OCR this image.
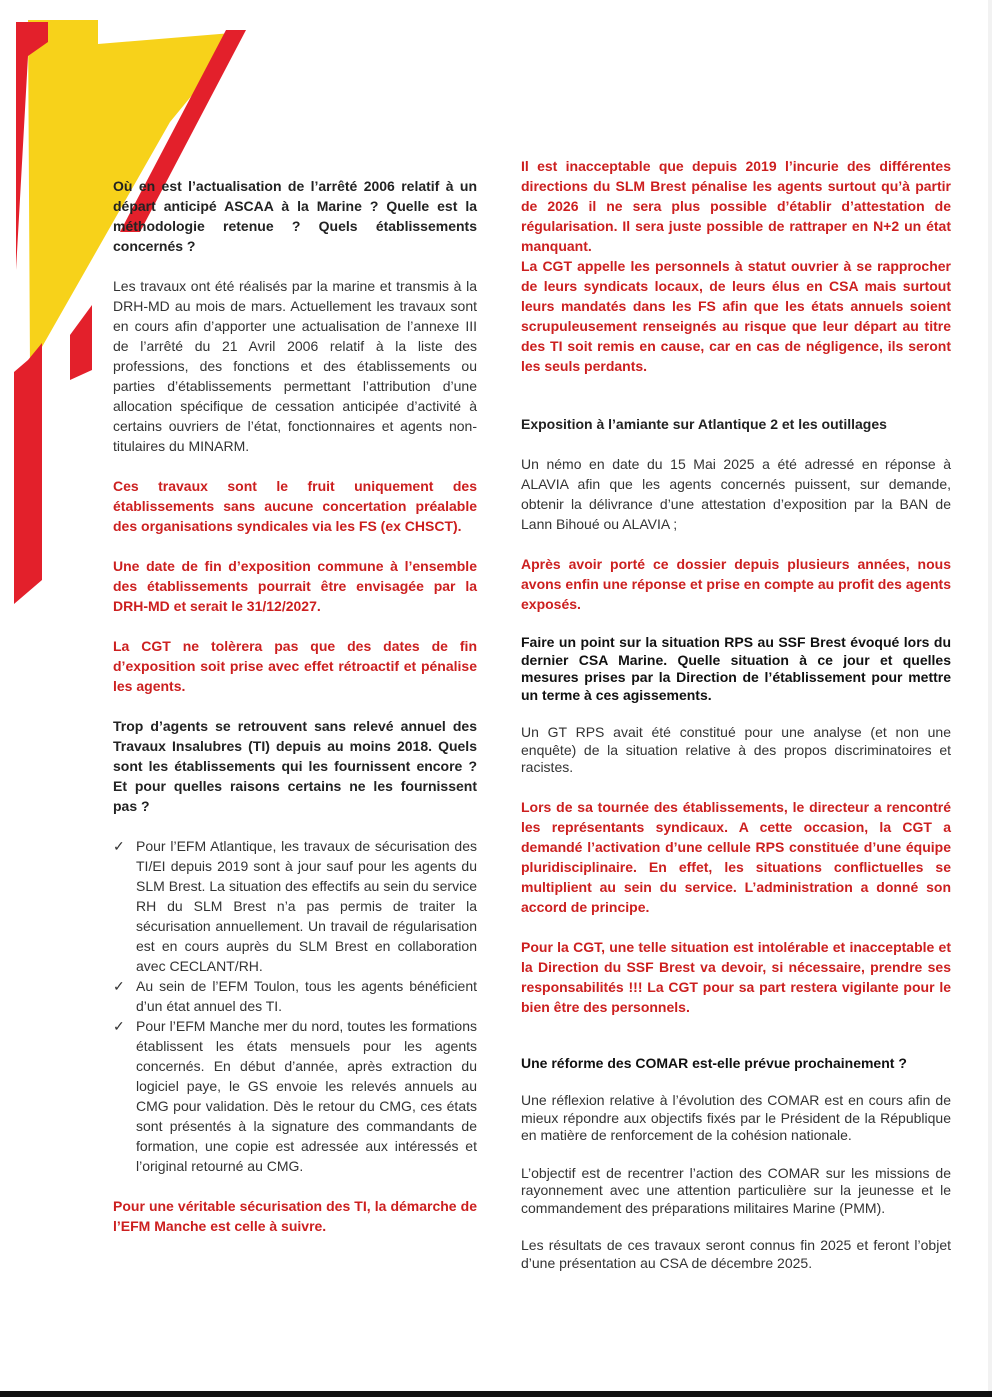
Où en est l’actualisation de l’arrêté 2006 relatif à un départ anticipé ASCAA à la Marine ? Quelle est la méthodologie retenue ? Quels établissements concernés ?

Les travaux ont été réalisés par la marine et transmis à la DRH-MD au mois de mars. Actuellement les travaux sont en cours afin d’apporter une actualisation de l’annexe III de l’arrêté du 21 Avril 2006 relatif à la liste des professions, des fonctions et des établissements ou parties d’établissements permettant l’attribution d’une allocation spécifique de cessation anticipée d’activité à certains ouvriers de l’état, fonctionnaires et agents non-titulaires du MINARM.

Ces travaux sont le fruit uniquement des établissements sans aucune concertation préalable des organisations syndicales via les FS (ex CHSCT).

Une date de fin d’exposition commune à l’ensemble des établissements pourrait être envisagée par la DRH-MD et serait le 31/12/2027.

La CGT ne tolèrera pas que des dates de fin d’exposition soit prise avec effet rétroactif et pénalise les agents.

Trop d’agents se retrouvent sans relevé annuel des Travaux Insalubres (TI) depuis au moins 2018. Quels sont les établissements qui les fournissent encore ? Et pour quelles raisons certains ne les fournissent pas ?

✓ Pour l’EFM Atlantique, les travaux de sécurisation des TI/EI depuis 2019 sont à jour sauf pour les agents du SLM Brest. La situation des effectifs au sein du service RH du SLM Brest n’a pas permis de traiter la sécurisation annuellement. Un travail de régularisation est en cours auprès du SLM Brest en collaboration avec CECLANT/RH.
✓ Au sein de l’EFM Toulon, tous les agents bénéficient d’un état annuel des TI.
✓ Pour l’EFM Manche mer du nord, toutes les formations établissent les états mensuels pour les agents concernés. En début d’année, après extraction du logiciel paye, le GS envoie les relevés annuels au CMG pour validation. Dès le retour du CMG, ces états sont présentés à la signature des commandants de formation, une copie est adressée aux intéressés et l’original retourné au CMG.

Pour une véritable sécurisation des TI, la démarche de l’EFM Manche est celle à suivre.

Il est inacceptable que depuis 2019 l’incurie des différentes directions du SLM Brest pénalise les agents surtout qu’à partir de 2026 il ne sera plus possible d’établir d’attestation de régularisation. Il sera juste possible de rattraper en N+2 un état manquant.

La CGT appelle les personnels à statut ouvrier à se rapprocher de leurs syndicats locaux, de leurs élus en CSA mais surtout leurs mandatés dans les FS afin que les états annuels soient scrupuleusement renseignés au risque que leur départ au titre des TI soit remis en cause, car en cas de négligence, ils seront les seuls perdants.

Exposition à l’amiante sur Atlantique 2 et les outillages

Un némo en date du 15 Mai 2025 a été adressé en réponse à ALAVIA afin que les agents concernés puissent, sur demande, obtenir la délivrance d’une attestation d’exposition par la BAN de Lann Bihoué ou ALAVIA ;

Après avoir porté ce dossier depuis plusieurs années, nous avons enfin une réponse et prise en compte au profit des agents exposés.

Faire un point sur la situation RPS au SSF Brest évoqué lors du dernier CSA Marine. Quelle situation à ce jour et quelles mesures prises par la Direction de l’établissement pour mettre un terme à ces agissements.

Un GT RPS avait été constitué pour une analyse (et non une enquête) de la situation relative à des propos discriminatoires et racistes.

Lors de sa tournée des établissements, le directeur a rencontré les représentants syndicaux. A cette occasion, la CGT a demandé l’activation d’une cellule RPS constituée d’une équipe pluridisciplinaire. En effet, les situations conflictuelles se multiplient au sein du service. L’administration a donné son accord de principe.

Pour la CGT, une telle situation est intolérable et inacceptable et la Direction du SSF Brest va devoir, si nécessaire, prendre ses responsabilités !!! La CGT pour sa part restera vigilante pour le bien être des personnels.

Une réforme des COMAR est-elle prévue prochainement ?

Une réflexion relative à l’évolution des COMAR est en cours afin de mieux répondre aux objectifs fixés par le Président de la République en matière de renforcement de la cohésion nationale.

L’objectif est de recentrer l’action des COMAR sur les missions de rayonnement avec une attention particulière sur la jeunesse et le commandement des préparations militaires Marine (PMM).

Les résultats de ces travaux seront connus fin 2025 et feront l’objet d’une présentation au CSA de décembre 2025.
